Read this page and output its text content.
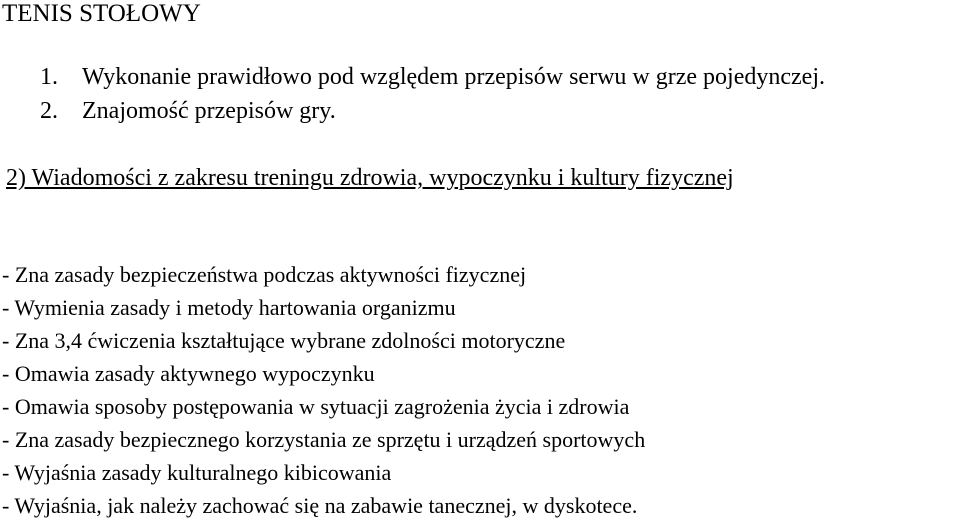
TENIS STOŁOWY
1. Wykonanie prawidłowo pod względem przepisów serwu w grze pojedynczej.
2. Znajomość przepisów gry.
2) Wiadomości z zakresu treningu zdrowia, wypoczynku i kultury fizycznej
- Zna zasady bezpieczeństwa podczas aktywności fizycznej
- Wymienia zasady i metody hartowania organizmu
- Zna 3,4 ćwiczenia kształtujące wybrane zdolności motoryczne
- Omawia zasady aktywnego wypoczynku
- Omawia sposoby postępowania w sytuacji zagrożenia życia i zdrowia
- Zna zasady bezpiecznego korzystania ze sprzętu i urządzeń sportowych
- Wyjaśnia zasady kulturalnego kibicowania
- Wyjaśnia, jak należy zachować się na zabawie tanecznej, w dyskotece.
